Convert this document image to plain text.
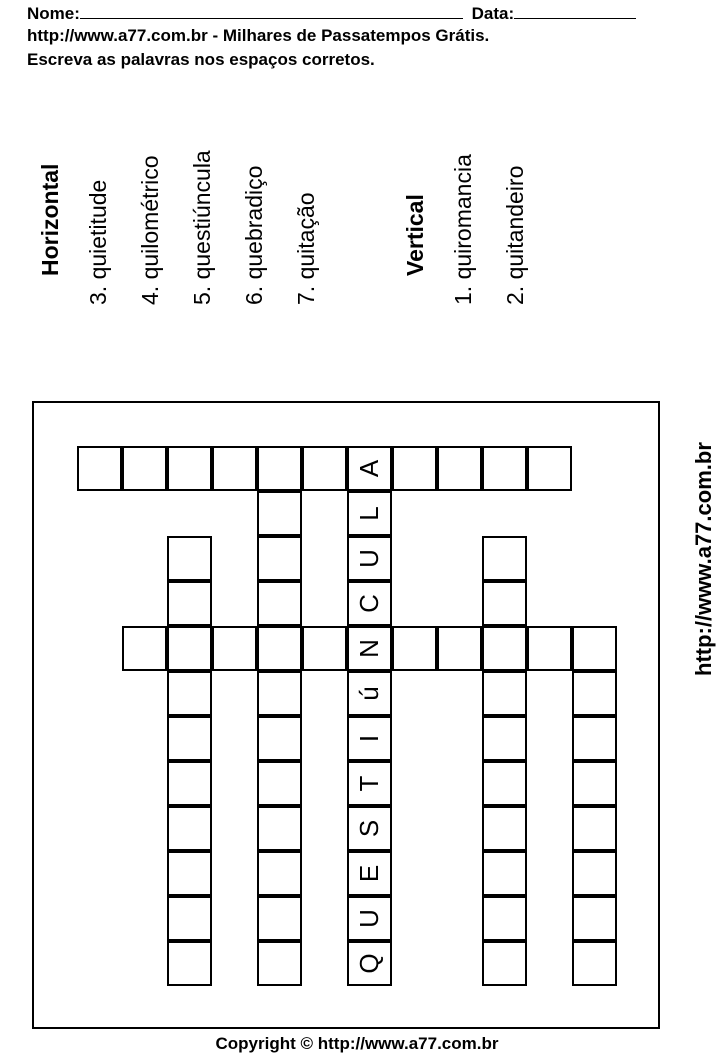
Nome:	Data:
http://www.a77.com.br - Milhares de Passatempos Grátis.
Escreva as palavras nos espaços corretos.
Horizontal 3. quietitude 4. quilométrico 5. questiúncula 6. quebradiço 7. quitação	Vertical 1. quiromancia 2. quitandeiro
http://www.a77.com.br
A
N
L
U
C
ú
I
T
S
E
U
Q
Copyright © http://www.a77.com.br
